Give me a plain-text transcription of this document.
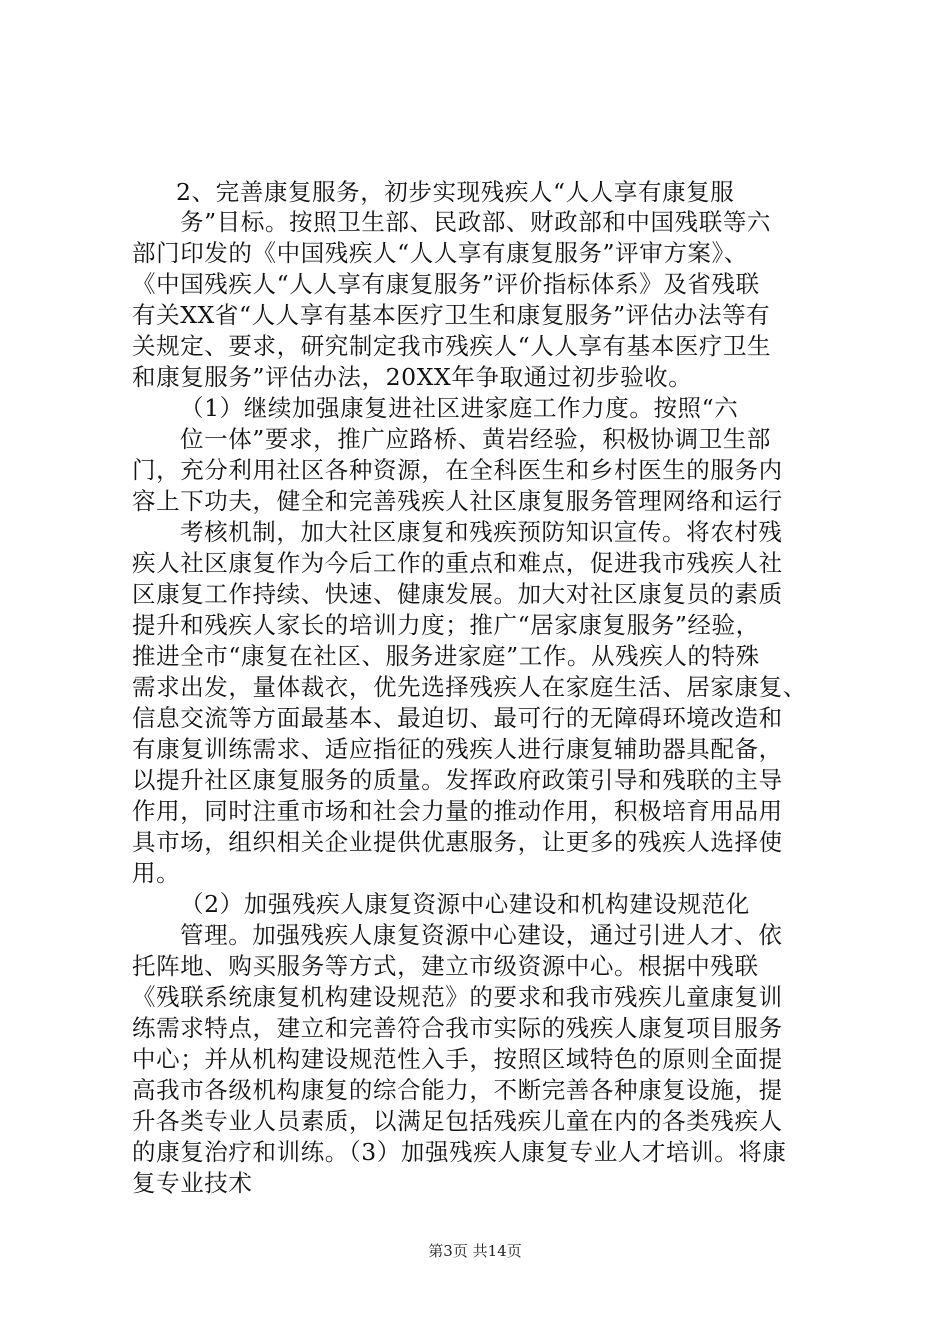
2、完善康复服务，初步实现残疾人“人人享有康复服
务”目标。按照卫生部、民政部、财政部和中国残联等六
部门印发的《中国残疾人“人人享有康复服务”评审方案》、
《中国残疾人“人人享有康复服务”评价指标体系》及省残联
有关XX省“人人享有基本医疗卫生和康复服务”评估办法等有
关规定、要求，研究制定我市残疾人“人人享有基本医疗卫生
和康复服务”评估办法，20XX年争取通过初步验收。
（1）继续加强康复进社区进家庭工作力度。按照“六
位一体”要求，推广应路桥、黄岩经验，积极协调卫生部
门，充分利用社区各种资源，在全科医生和乡村医生的服务内
容上下功夫，健全和完善残疾人社区康复服务管理网络和运行
考核机制，加大社区康复和残疾预防知识宣传。将农村残
疾人社区康复作为今后工作的重点和难点，促进我市残疾人社
区康复工作持续、快速、健康发展。加大对社区康复员的素质
提升和残疾人家长的培训力度；推广“居家康复服务”经验，
推进全市“康复在社区、服务进家庭”工作。从残疾人的特殊
需求出发，量体裁衣，优先选择残疾人在家庭生活、居家康复、
信息交流等方面最基本、最迫切、最可行的无障碍环境改造和
有康复训练需求、适应指征的残疾人进行康复辅助器具配备，
以提升社区康复服务的质量。发挥政府政策引导和残联的主导
作用，同时注重市场和社会力量的推动作用，积极培育用品用
具市场，组织相关企业提供优惠服务，让更多的残疾人选择使
用。
（2）加强残疾人康复资源中心建设和机构建设规范化
管理。加强残疾人康复资源中心建设，通过引进人才、依
托阵地、购买服务等方式，建立市级资源中心。根据中残联
《残联系统康复机构建设规范》的要求和我市残疾儿童康复训
练需求特点，建立和完善符合我市实际的残疾人康复项目服务
中心；并从机构建设规范性入手，按照区域特色的原则全面提
高我市各级机构康复的综合能力，不断完善各种康复设施，提
升各类专业人员素质，以满足包括残疾儿童在内的各类残疾人
的康复治疗和训练。（3）加强残疾人康复专业人才培训。将康
复专业技术
第3页 共14页
